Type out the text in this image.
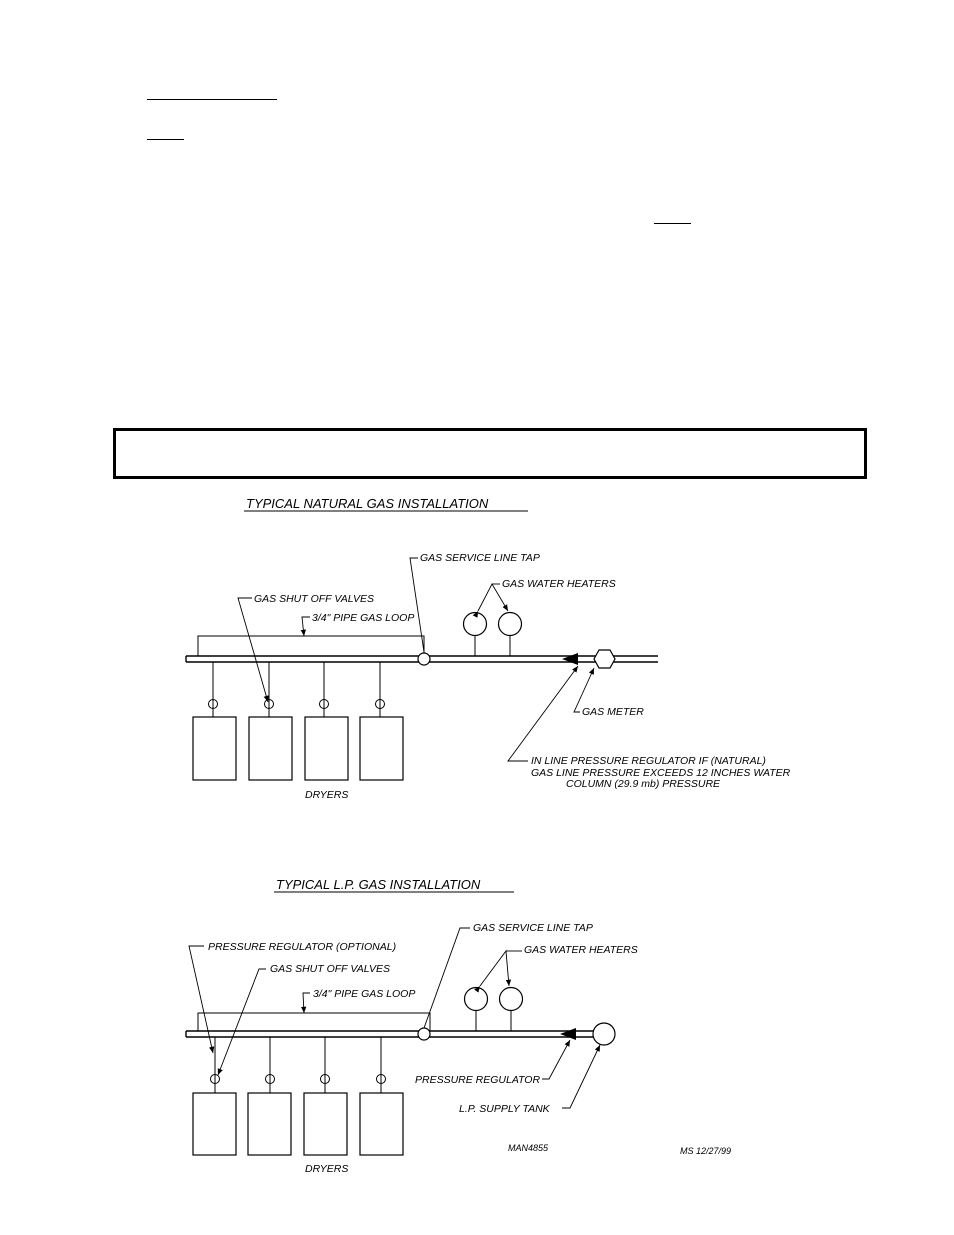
TYPICAL NATURAL GAS INSTALLATION
DRYERS
GAS SERVICE LINE TAP
GAS WATER HEATERS
GAS SHUT OFF VALVES
3/4" PIPE GAS LOOP
GAS METER
IN LINE PRESSURE REGULATOR IF (NATURAL)
GAS LINE PRESSURE EXCEEDS 12 INCHES WATER
COLUMN (29.9 mb) PRESSURE
TYPICAL L.P. GAS INSTALLATION
DRYERS
GAS SERVICE LINE TAP
GAS WATER HEATERS
PRESSURE REGULATOR (OPTIONAL)
GAS SHUT OFF VALVES
3/4" PIPE GAS LOOP
PRESSURE REGULATOR
L.P. SUPPLY TANK
MAN4855	MS 12/27/99
